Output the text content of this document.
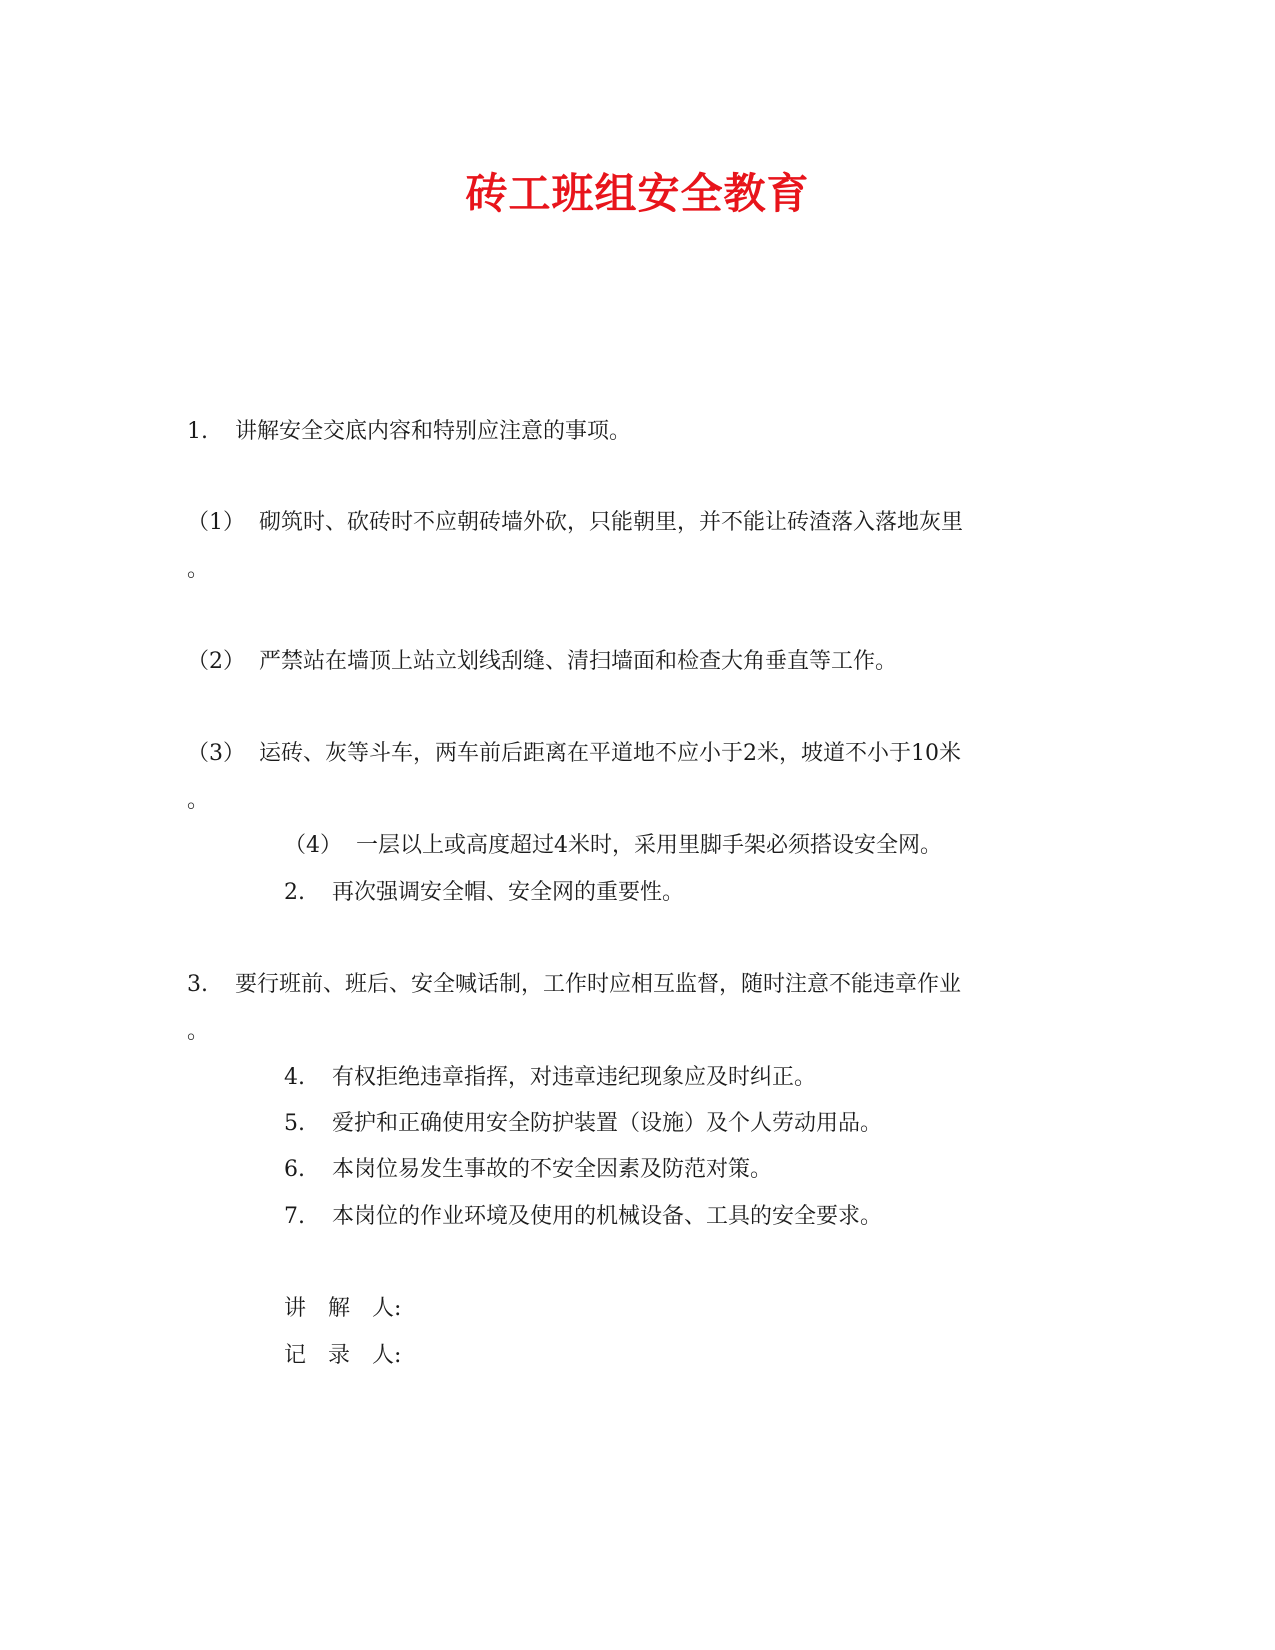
砖工班组安全教育
1. 讲解安全交底内容和特别应注意的事项。
（1） 砌筑时、砍砖时不应朝砖墙外砍，只能朝里，并不能让砖渣落入落地灰里
。
（2） 严禁站在墙顶上站立划线刮缝、清扫墙面和检查大角垂直等工作。
（3） 运砖、灰等斗车，两车前后距离在平道地不应小于2米，坡道不小于10米
。
（4） 一层以上或高度超过4米时，采用里脚手架必须搭设安全网。
2. 再次强调安全帽、安全网的重要性。
3. 要行班前、班后、安全喊话制，工作时应相互监督，随时注意不能违章作业
。
4. 有权拒绝违章指挥，对违章违纪现象应及时纠正。
5. 爱护和正确使用安全防护装置（设施）及个人劳动用品。
6. 本岗位易发生事故的不安全因素及防范对策。
7. 本岗位的作业环境及使用的机械设备、工具的安全要求。
讲　解　人:
记　录　人:
